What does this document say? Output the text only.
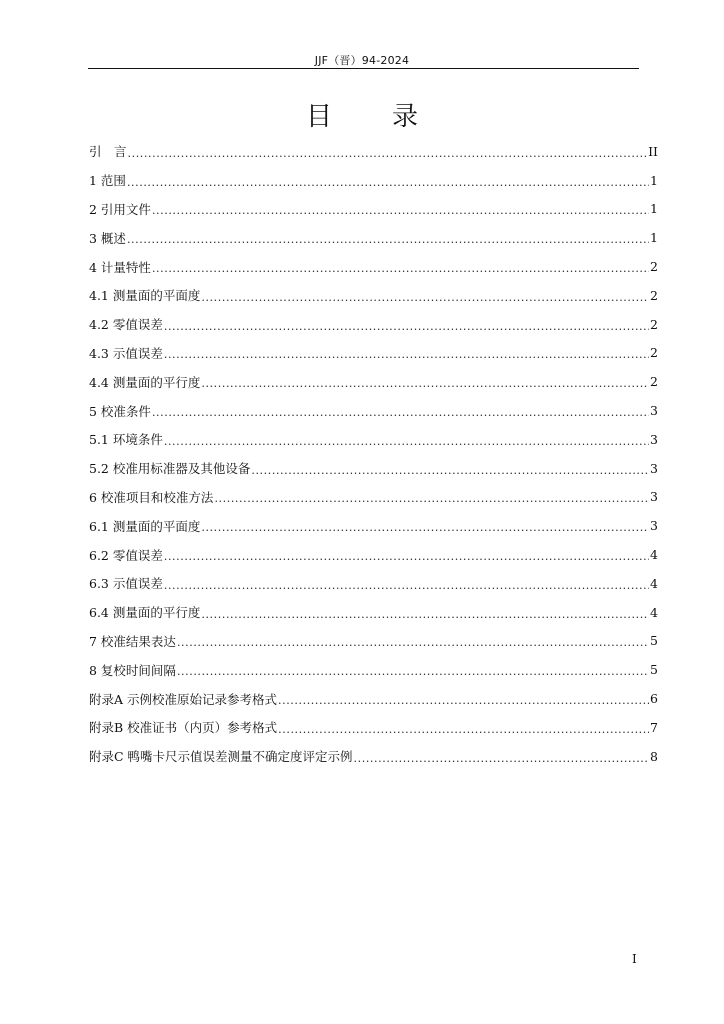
JJF（晋）94-2024
目 录
引　言 .....	II
1 范围 .....	1
2 引用文件 .....	1
3 概述 .....	1
4 计量特性 .....	2
4.1 测量面的平面度 .....	2
4.2 零值误差 .....	2
4.3 示值误差 .....	2
4.4 测量面的平行度 .....	2
5 校准条件 .....	3
5.1 环境条件 .....	3
5.2 校准用标准器及其他设备 .....	3
6 校准项目和校准方法 .....	3
6.1 测量面的平面度 .....	3
6.2 零值误差 .....	4
6.3 示值误差 .....	4
6.4 测量面的平行度 .....	4
7 校准结果表达 .....	5
8 复校时间间隔 .....	5
附录A 示例校准原始记录参考格式 .....	6
附录B 校准证书（内页）参考格式 .....	7
附录C 鸭嘴卡尺示值误差测量不确定度评定示例 .....	8
I
